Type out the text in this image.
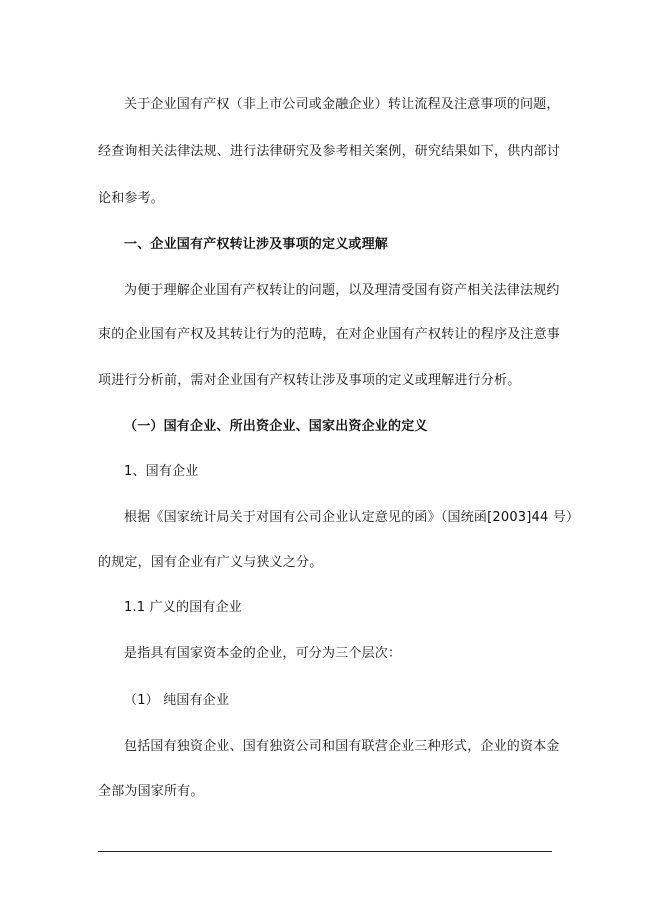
关于企业国有产权（非上市公司或金融企业）转让流程及注意事项的问题，
经查询相关法律法规、进行法律研究及参考相关案例，研究结果如下，供内部讨
论和参考。
一、企业国有产权转让涉及事项的定义或理解
为便于理解企业国有产权转让的问题，以及理清受国有资产相关法律法规约
束的企业国有产权及其转让行为的范畴，在对企业国有产权转让的程序及注意事
项进行分析前，需对企业国有产权转让涉及事项的定义或理解进行分析。
（一）国有企业、所出资企业、国家出资企业的定义
1、国有企业
根据《国家统计局关于对国有公司企业认定意见的函》（国统函[2003]44 号）
的规定，国有企业有广义与狭义之分。
1.1 广义的国有企业
是指具有国家资本金的企业，可分为三个层次：
（1） 纯国有企业
包括国有独资企业、国有独资公司和国有联营企业三种形式，企业的资本金
全部为国家所有。
